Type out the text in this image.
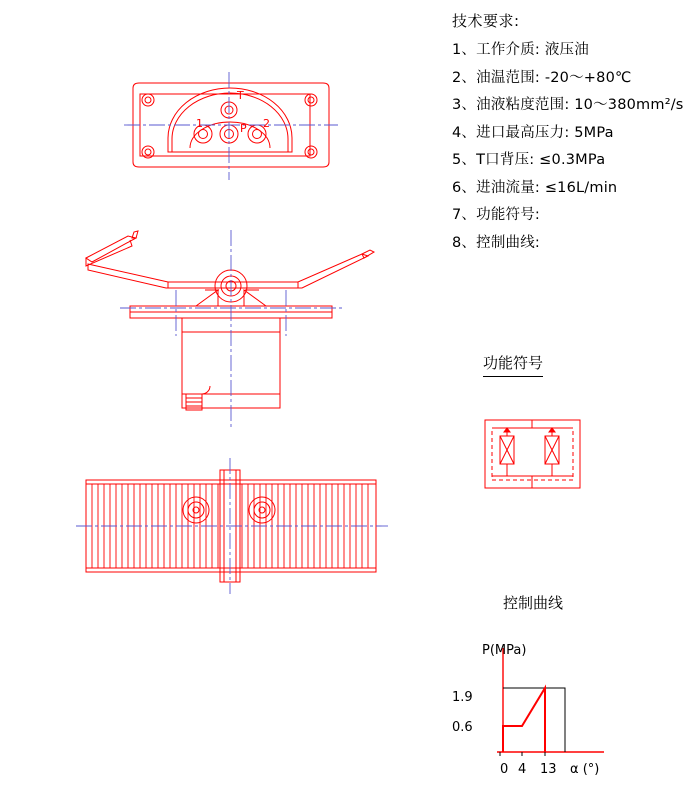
T
1	P 2
技术要求:
1、工作介质: 液压油
2、油温范围: -20～+80℃
3、油液粘度范围: 10～380mm²/s
4、进口最高压力: 5MPa
5、T口背压: ≤0.3MPa
6、进油流量: ≤16L/min
7、功能符号:
8、控制曲线:
功能符号
控制曲线
P(MPa)
1.9
0.6
0 4 13 α (°)
